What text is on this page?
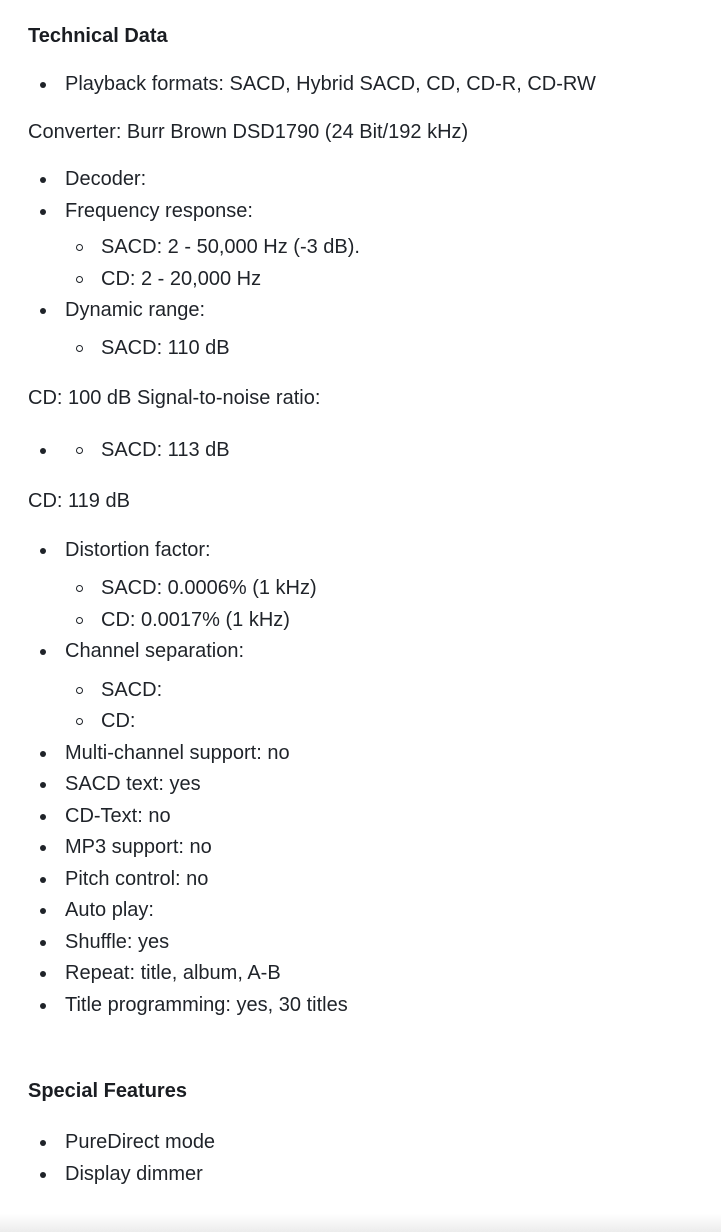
Technical Data
Playback formats: SACD, Hybrid SACD, CD, CD-R, CD-RW

Converter: Burr Brown DSD1790 (24 Bit/192 kHz)

Decoder:
Frequency response:
SACD: 2 - 50,000 Hz (-3 dB).
CD: 2 - 20,000 Hz
Dynamic range:
SACD: 110 dB

CD: 100 dB Signal-to-noise ratio:

SACD: 113 dB

CD: 119 dB

Distortion factor:
SACD: 0.0006% (1 kHz)
CD: 0.0017% (1 kHz)
Channel separation:
SACD:
CD:
Multi-channel support: no
SACD text: yes
CD-Text: no
MP3 support: no
Pitch control: no
Auto play:
Shuffle: yes
Repeat: title, album, A-B
Title programming: yes, 30 titles
Special Features
PureDirect mode
Display dimmer
